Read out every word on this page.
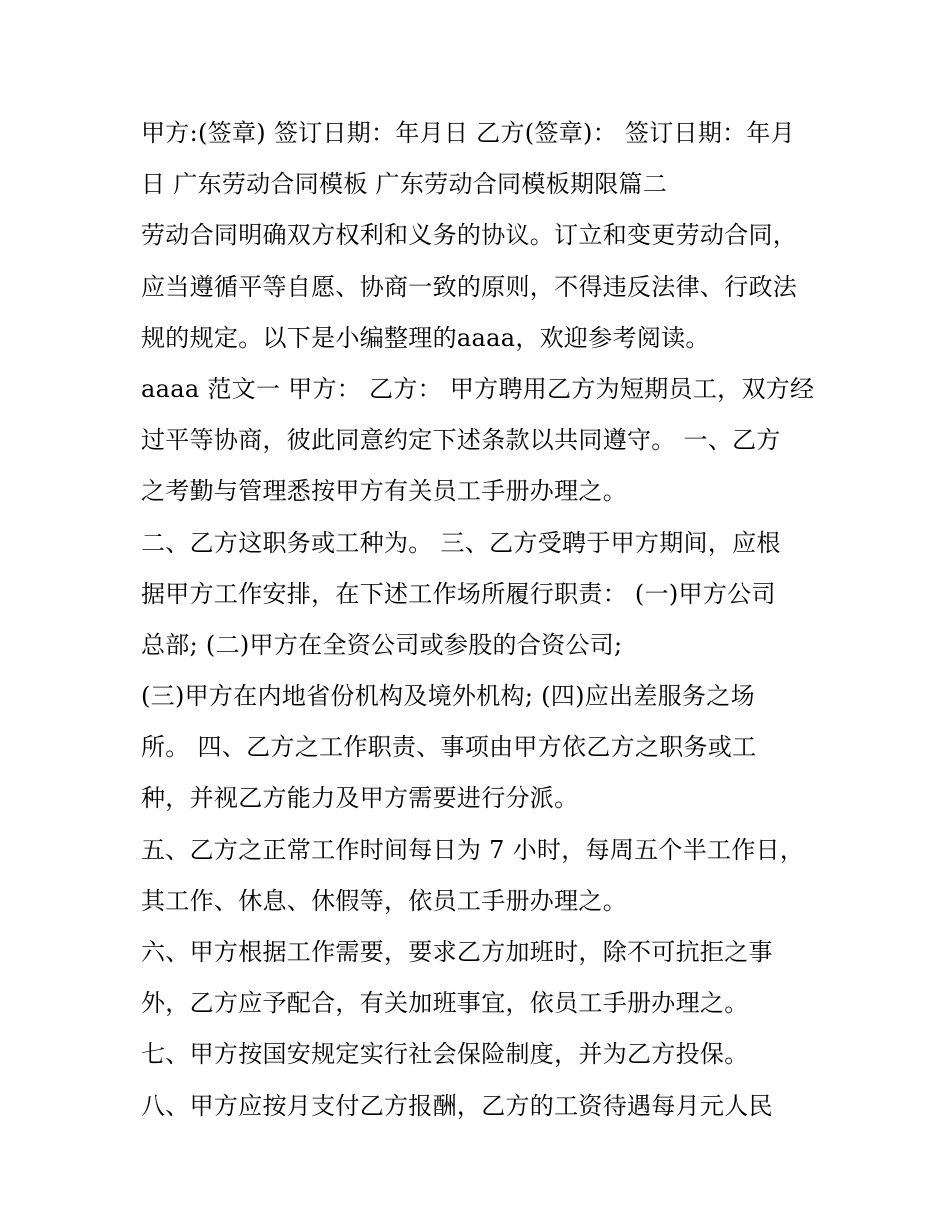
甲方:(签章) 签订日期：年月日 乙方(签章)： 签订日期：年月
日 广东劳动合同模板 广东劳动合同模板期限篇二
劳动合同明确双方权利和义务的协议。订立和变更劳动合同，
应当遵循平等自愿、协商一致的原则，不得违反法律、行政法
规的规定。以下是小编整理的aaaa，欢迎参考阅读。
aaaa 范文一 甲方： 乙方： 甲方聘用乙方为短期员工，双方经
过平等协商，彼此同意约定下述条款以共同遵守。 一、乙方
之考勤与管理悉按甲方有关员工手册办理之。
二、乙方这职务或工种为。 三、乙方受聘于甲方期间，应根
据甲方工作安排，在下述工作场所履行职责： (一)甲方公司
总部; (二)甲方在全资公司或参股的合资公司;
(三)甲方在内地省份机构及境外机构; (四)应出差服务之场
所。 四、乙方之工作职责、事项由甲方依乙方之职务或工
种，并视乙方能力及甲方需要进行分派。
五、乙方之正常工作时间每日为 7 小时，每周五个半工作日，
其工作、休息、休假等，依员工手册办理之。
六、甲方根据工作需要，要求乙方加班时，除不可抗拒之事
外，乙方应予配合，有关加班事宜，依员工手册办理之。
七、甲方按国安规定实行社会保险制度，并为乙方投保。
八、甲方应按月支付乙方报酬，乙方的工资待遇每月元人民
